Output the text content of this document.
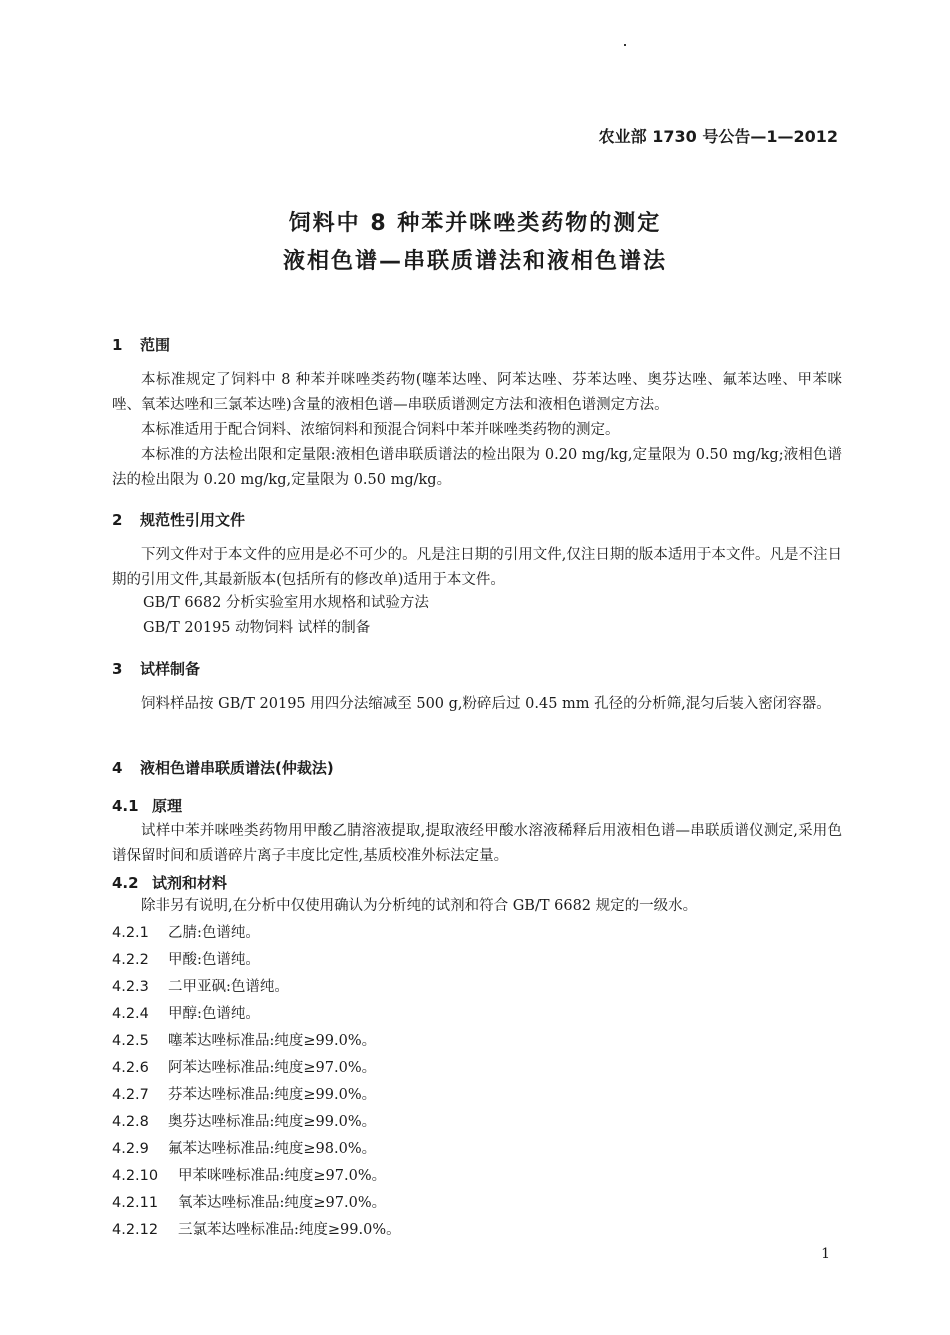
农业部 1730 号公告—1—2012
饲料中 8 种苯并咪唑类药物的测定
液相色谱—串联质谱法和液相色谱法
1 范围
本标准规定了饲料中 8 种苯并咪唑类药物(噻苯达唑、阿苯达唑、芬苯达唑、奥芬达唑、氟苯达唑、甲苯咪唑、氧苯达唑和三氯苯达唑)含量的液相色谱—串联质谱测定方法和液相色谱测定方法。
本标准适用于配合饲料、浓缩饲料和预混合饲料中苯并咪唑类药物的测定。
本标准的方法检出限和定量限:液相色谱串联质谱法的检出限为 0.20 mg/kg,定量限为 0.50 mg/kg;液相色谱法的检出限为 0.20 mg/kg,定量限为 0.50 mg/kg。
2 规范性引用文件
下列文件对于本文件的应用是必不可少的。凡是注日期的引用文件,仅注日期的版本适用于本文件。凡是不注日期的引用文件,其最新版本(包括所有的修改单)适用于本文件。
GB/T 6682 分析实验室用水规格和试验方法
GB/T 20195 动物饲料 试样的制备
3 试样制备
饲料样品按 GB/T 20195 用四分法缩减至 500 g,粉碎后过 0.45 mm 孔径的分析筛,混匀后装入密闭容器。
4 液相色谱串联质谱法(仲裁法)
4.1 原理
试样中苯并咪唑类药物用甲酸乙腈溶液提取,提取液经甲酸水溶液稀释后用液相色谱—串联质谱仪测定,采用色谱保留时间和质谱碎片离子丰度比定性,基质校准外标法定量。
4.2 试剂和材料
除非另有说明,在分析中仅使用确认为分析纯的试剂和符合 GB/T 6682 规定的一级水。
4.2.1 乙腈:色谱纯。
4.2.2 甲酸:色谱纯。
4.2.3 二甲亚砜:色谱纯。
4.2.4 甲醇:色谱纯。
4.2.5 噻苯达唑标准品:纯度≥99.0%。
4.2.6 阿苯达唑标准品:纯度≥97.0%。
4.2.7 芬苯达唑标准品:纯度≥99.0%。
4.2.8 奥芬达唑标准品:纯度≥99.0%。
4.2.9 氟苯达唑标准品:纯度≥98.0%。
4.2.10 甲苯咪唑标准品:纯度≥97.0%。
4.2.11 氧苯达唑标准品:纯度≥97.0%。
4.2.12 三氯苯达唑标准品:纯度≥99.0%。
1
